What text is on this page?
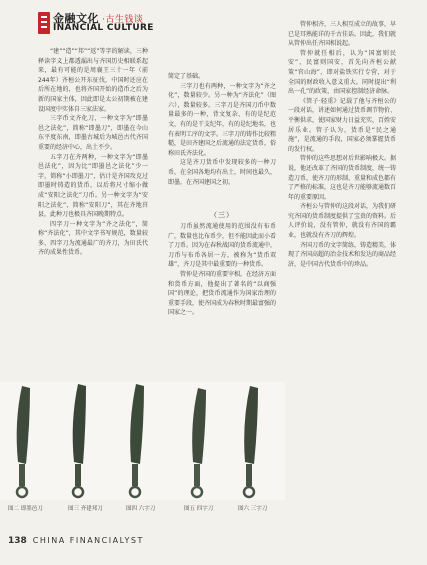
金融文化 ·古生钱谈
INANCIAL CULTURE

“建”“造”“邦”“返”等字的解读，三种释读字义上都透漏出与齐国历史相联系起来，最有可能的是周襄王三十一年（前244年）齐桓公开东征伐，中国时还应在后所在地的，也将齐国开始的造币之后为新的国家主体，因此即是太公初期被在建设国度中实体自三家法家。

三字币文齐化刀，一种文字为“即墨邑之法化”，简称“即墨刀”，即墨在今山东平度东南，即墨古城后为城邑古代齐国重要的经济中心，出土不少。

五字刀在齐两种，一种文字为“即墨邑法化”，因为比“即墨邑之法化”少一字，简称“小即墨刀”，估计是齐国攻克过即墨时铸造的货币，以后将尺寸缩小做成“安阳之法化”刀币。另一种文字为“安阳之法化”，简称“安阳刀”，其在齐地莒县，此种刀也极具齐国晚期特点。

四字刀一种文字为“齐之法化”，简称“齐法化”，其中文字书写规范，数量较多，四字刀为流通最广的齐刀，为田氏代齐的成果性货币。

简定了基础。

三字刀也有两种，一种文字为“齐之化”，数量较少。另一种为“齐法化”（图六），数量较多。三字刀是齐国刀币中数量最多的一种，背文复杂，有的是纪范文，有的是干支纪年，有的是纪地名，也有表明工序的文字。三字刀的铸作比较粗糙，是田齐建国之后流通的法定货币，俗称田氏齐法化。

这是齐刀货币中发现较多的一种刀币，在全国各地均有出土，时间也最久，即墨，在齐国建国之初。

（三）

刀币虽然流通使用的范围没有布币广，数量也比布币少，但不能因此而小看了刀币。因为在春秋战国的货币流通中，刀币与布币各居一方，被称为“货币双雄”，齐刀是其中最重要的一种货币。

管仲是齐国的重要宰相，在经济方面和货币方面，他提出了著名的“以商强国”的理论，把货币流通作为国家治理的重要手段，使齐国成为春秋时期最富强的国家之一。

管仲相齐，三人相互成立的故事，早已是耳熟能详的千古佳话。因此，我们就从管仲出任齐国相说起。

管仲就任相后，认为“国富则民安”，民富则国安，首先向齐桓公献策“官山海”，即对盐铁实行专营，对于全国的财政收入意义重大。同时提出“利出一孔”的政策，由国家控制经济命脉。

《管子·轻重》记载了他与齐桓公的一段对话，讲述如何通过货币调节物价、平衡供求，使国家财力日益充实，百姓安居乐业。管子认为，货币是“民之通施”，是流通的手段，国家必须掌握货币的发行权。

管仲的这些思想对后世影响极大。据说，他还改革了齐国的货币制度，统一铸造刀币，使齐刀的形制、重量和成色都有了严格的标准，这也是齐刀能够流通数百年的重要原因。

齐桓公与管仲的这段对话，为我们研究齐国的货币制度提供了宝贵的资料。后人评价说，没有管仲，就没有齐国的霸业，也就没有齐刀的辉煌。

齐国刀币的文字简练，铸造精美，体现了齐国高超的冶金技术和发达的商品经济，是中国古代货币中的珍品。

图二 即墨邑刀	图三 齐建邦刀	图四 六字刀	图五 四字刀	图六 三字刀
138 CHINA FINANCIALYST
